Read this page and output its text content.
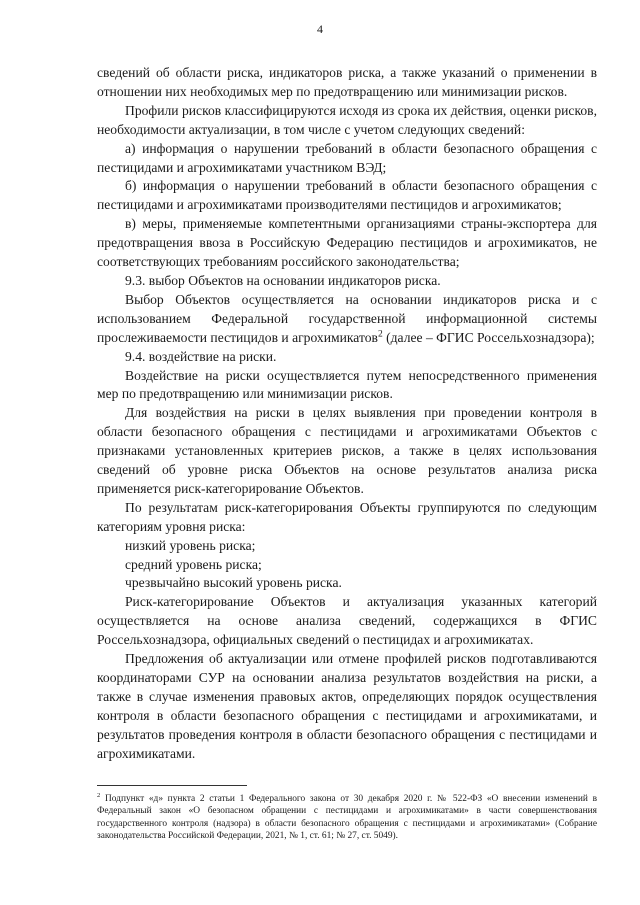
4

сведений об области риска, индикаторов риска, а также указаний о применении в отношении них необходимых мер по предотвращению или минимизации рисков.

Профили рисков классифицируются исходя из срока их действия, оценки рисков, необходимости актуализации, в том числе с учетом следующих сведений:

а) информация о нарушении требований в области безопасного обращения с пестицидами и агрохимикатами участником ВЭД;

б) информация о нарушении требований в области безопасного обращения с пестицидами и агрохимикатами производителями пестицидов и агрохимикатов;

в) меры, применяемые компетентными организациями страны-экспортера для предотвращения ввоза в Российскую Федерацию пестицидов и агрохимикатов, не соответствующих требованиям российского законодательства;

9.3. выбор Объектов на основании индикаторов риска.

Выбор Объектов осуществляется на основании индикаторов риска и с использованием Федеральной государственной информационной системы прослеживаемости пестицидов и агрохимикатов$^2$ (далее – ФГИС Россельхознадзора);

9.4. воздействие на риски.

Воздействие на риски осуществляется путем непосредственного применения мер по предотвращению или минимизации рисков.

Для воздействия на риски в целях выявления при проведении контроля в области безопасного обращения с пестицидами и агрохимикатами Объектов с признаками установленных критериев рисков, а также в целях использования сведений об уровне риска Объектов на основе результатов анализа риска применяется риск-категорирование Объектов.

По результатам риск-категорирования Объекты группируются по следующим категориям уровня риска:

низкий уровень риска;

средний уровень риска;

чрезвычайно высокий уровень риска.

Риск-категорирование Объектов и актуализация указанных категорий осуществляется на основе анализа сведений, содержащихся в ФГИС Россельхознадзора, официальных сведений о пестицидах и агрохимикатах.

Предложения об актуализации или отмене профилей рисков подготавливаются координаторами СУР на основании анализа результатов воздействия на риски, а также в случае изменения правовых актов, определяющих порядок осуществления контроля в области безопасного обращения с пестицидами и агрохимикатами, и результатов проведения контроля в области безопасного обращения с пестицидами и агрохимикатами.

$^2$ Подпункт «д» пункта 2 статьи 1 Федерального закона от 30 декабря 2020 г. № 522-ФЗ «О внесении изменений в Федеральный закон «О безопасном обращении с пестицидами и агрохимикатами» в части совершенствования государственного контроля (надзора) в области безопасного обращения с пестицидами и агрохимикатами» (Собрание законодательства Российской Федерации, 2021, № 1, ст. 61; № 27, ст. 5049).
